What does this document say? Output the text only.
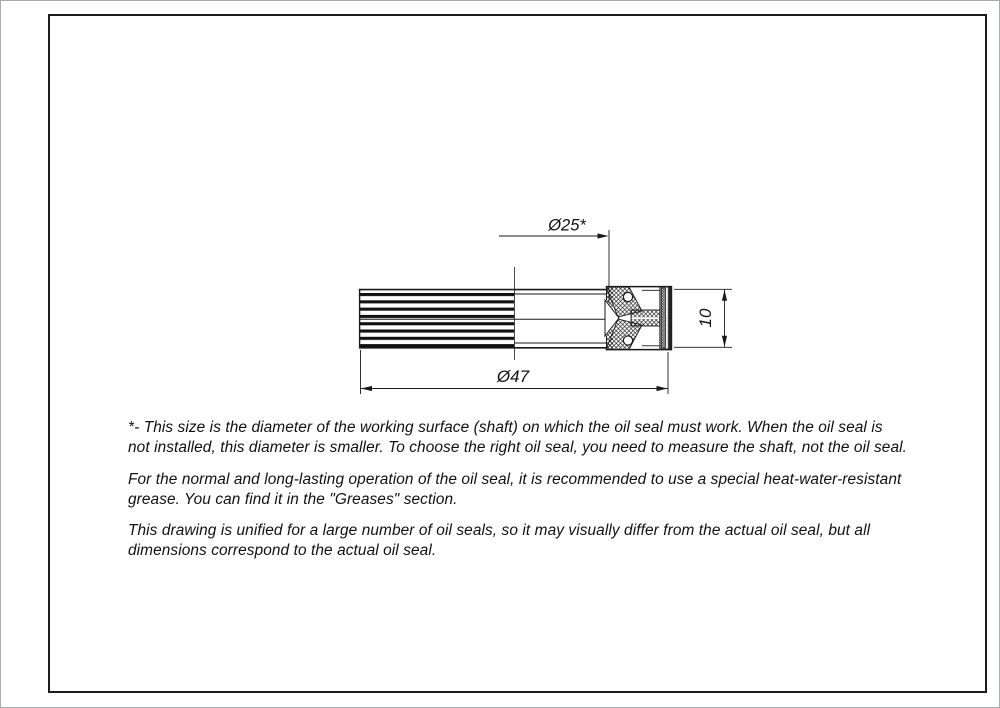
Ø25*
Ø47
10
*- This size is the diameter of the working surface (shaft) on which the oil seal must work. When the oil seal is
not installed, this diameter is smaller. To choose the right oil seal, you need to measure the shaft, not the oil seal.
For the normal and long-lasting operation of the oil seal, it is recommended to use a special heat-water-resistant
grease. You can find it in the "Greases" section.
This drawing is unified for a large number of oil seals, so it may visually differ from the actual oil seal, but all
dimensions correspond to the actual oil seal.
